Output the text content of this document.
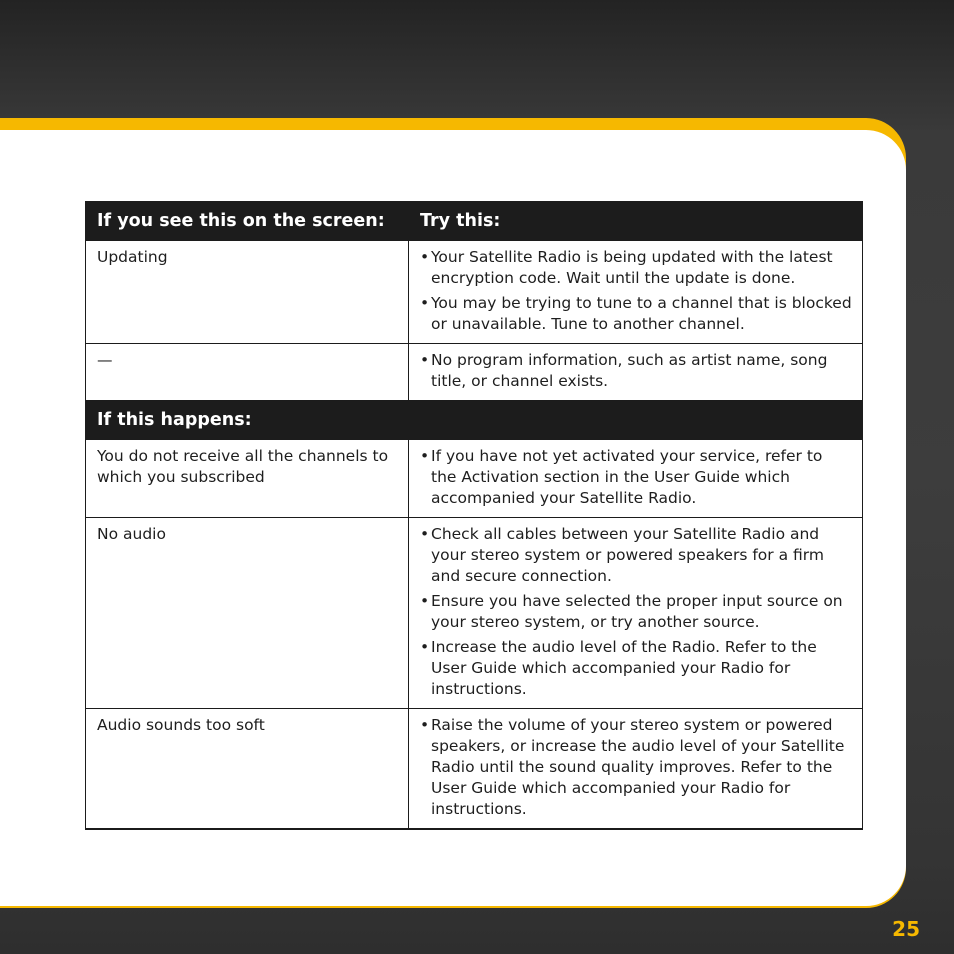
If you see this on the screen:	Try this:
Updating	• Your Satellite Radio is being updated with the latest encryption code. Wait until the update is done.
• You may be trying to tune to a channel that is blocked or unavailable. Tune to another channel.

—	• No program information, such as artist name, song title, or channel exists.

If this happens:	
You do not receive all the channels to which you subscribed	• If you have not yet activated your service, refer to the Activation section in the User Guide which accompanied your Satellite Radio.

No audio	• Check all cables between your Satellite Radio and your stereo system or powered speakers for a firm and secure connection.
• Ensure you have selected the proper input source on your stereo system, or try another source.
• Increase the audio level of the Radio. Refer to the User Guide which accompanied your Radio for instructions.

Audio sounds too soft	• Raise the volume of your stereo system or powered speakers, or increase the audio level of your Satellite Radio until the sound quality improves. Refer to the User Guide which accompanied your Radio for instructions.
25
